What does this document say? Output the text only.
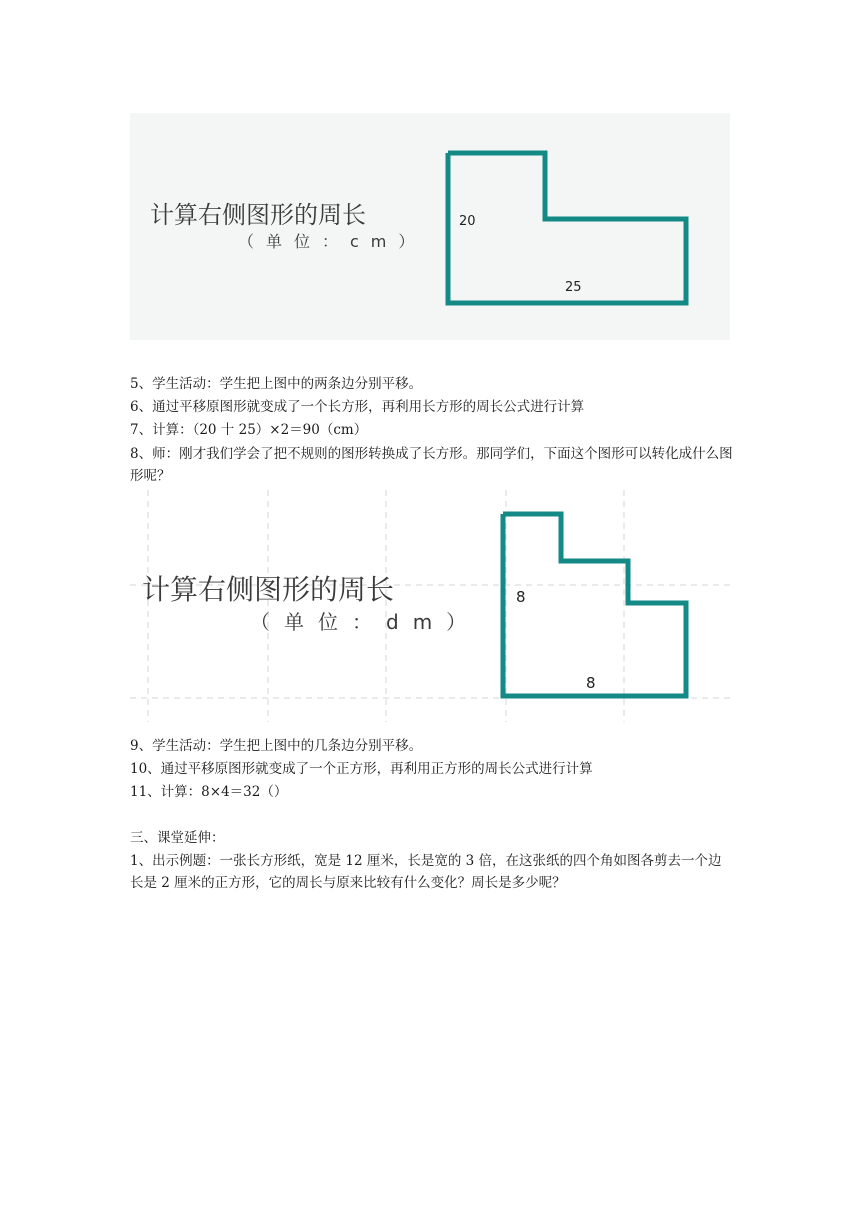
计算右侧图形的周长
（单位：cm）
20
25
5、学生活动：学生把上图中的两条边分别平移。
6、通过平移原图形就变成了一个长方形，再利用长方形的周长公式进行计算
7、计算：（20 十 25）×2＝90（cm）
8、师：刚才我们学会了把不规则的图形转换成了长方形。那同学们，下面这个图形可以转化成什么图形呢？
8
8
计算右侧图形的周长
（单位：dm）
9、学生活动：学生把上图中的几条边分别平移。
10、通过平移原图形就变成了一个正方形，再利用正方形的周长公式进行计算
11、计算：8×4＝32（）
三、课堂延伸：
1、出示例题：一张长方形纸，宽是 12 厘米，长是宽的 3 倍，在这张纸的四个角如图各剪去一个边长是 2 厘米的正方形，它的周长与原来比较有什么变化？周长是多少呢？
